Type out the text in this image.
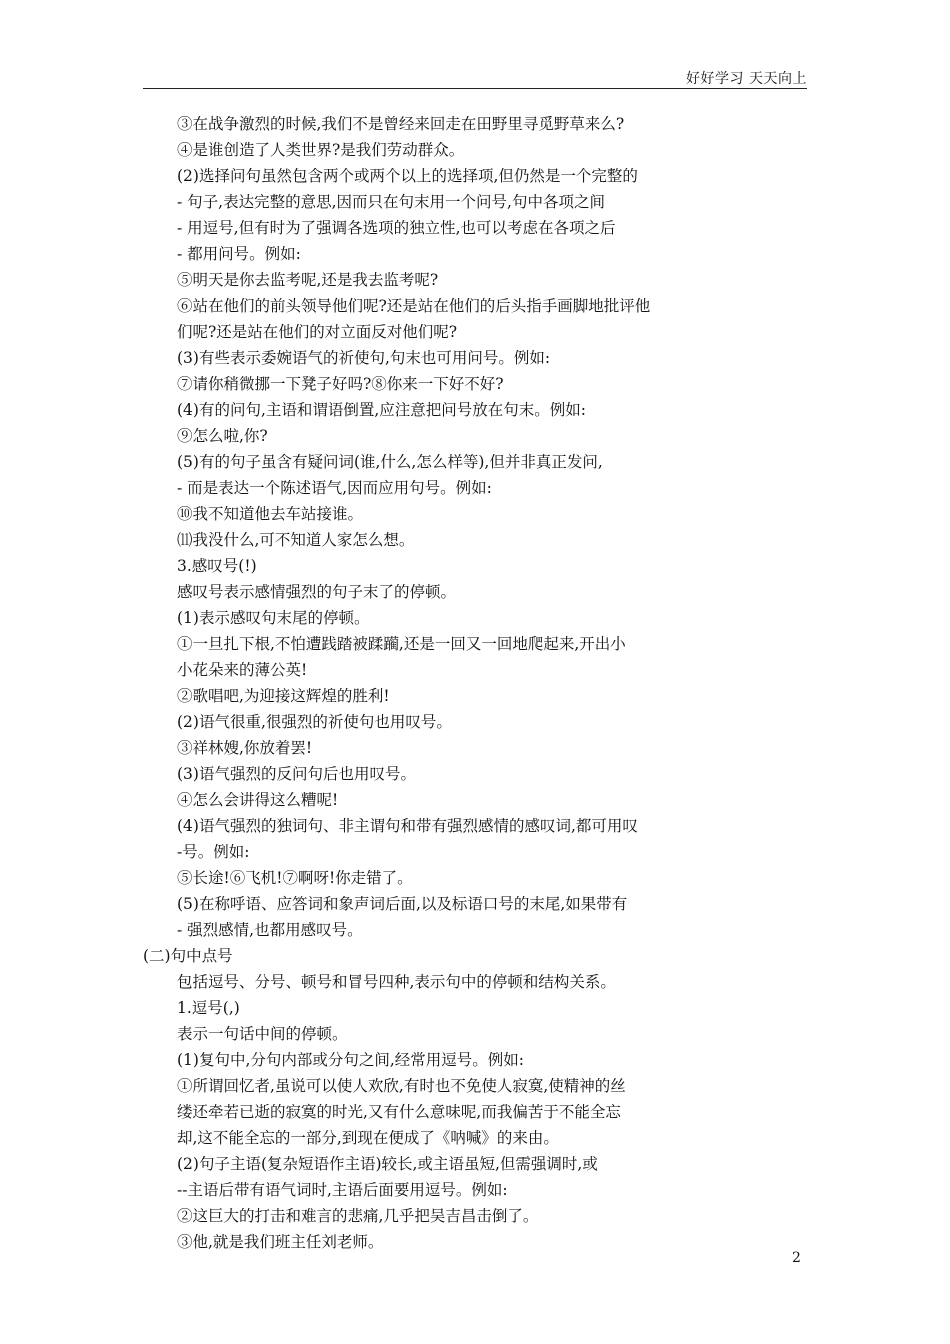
好好学习 天天向上
③在战争激烈的时候,我们不是曾经来回走在田野里寻觅野草来么?
④是谁创造了人类世界?是我们劳动群众。
(2)选择问句虽然包含两个或两个以上的选择项,但仍然是一个完整的
- 句子,表达完整的意思,因而只在句末用一个问号,句中各项之间
- 用逗号,但有时为了强调各选项的独立性,也可以考虑在各项之后
- 都用问号。例如:
⑤明天是你去监考呢,还是我去监考呢?
⑥站在他们的前头领导他们呢?还是站在他们的后头指手画脚地批评他
们呢?还是站在他们的对立面反对他们呢?
(3)有些表示委婉语气的祈使句,句末也可用问号。例如:
⑦请你稍微挪一下凳子好吗?⑧你来一下好不好?
(4)有的问句,主语和谓语倒置,应注意把问号放在句末。例如:
⑨怎么啦,你?
(5)有的句子虽含有疑问词(谁,什么,怎么样等),但并非真正发问,
- 而是表达一个陈述语气,因而应用句号。例如:
⑩我不知道他去车站接谁。
⑾我没什么,可不知道人家怎么想。
3.感叹号(!)
感叹号表示感情强烈的句子末了的停顿。
(1)表示感叹句末尾的停顿。
①一旦扎下根,不怕遭践踏被蹂躏,还是一回又一回地爬起来,开出小
小花朵来的薄公英!
②歌唱吧,为迎接这辉煌的胜利!
(2)语气很重,很强烈的祈使句也用叹号。
③祥林嫂,你放着罢!
(3)语气强烈的反问句后也用叹号。
④怎么会讲得这么糟呢!
(4)语气强烈的独词句、非主谓句和带有强烈感情的感叹词,都可用叹
-号。例如:
⑤长途!⑥飞机!⑦啊呀!你走错了。
(5)在称呼语、应答词和象声词后面,以及标语口号的末尾,如果带有
- 强烈感情,也都用感叹号。
(二)句中点号
包括逗号、分号、顿号和冒号四种,表示句中的停顿和结构关系。
1.逗号(,)
表示一句话中间的停顿。
(1)复句中,分句内部或分句之间,经常用逗号。例如:
①所谓回忆者,虽说可以使人欢欣,有时也不免使人寂寞,使精神的丝
缕还牵若已逝的寂寞的时光,又有什么意味呢,而我偏苦于不能全忘
却,这不能全忘的一部分,到现在便成了《呐喊》的来由。
(2)句子主语(复杂短语作主语)较长,或主语虽短,但需强调时,或
--主语后带有语气词时,主语后面要用逗号。例如:
②这巨大的打击和难言的悲痛,几乎把吴吉昌击倒了。
③他,就是我们班主任刘老师。
2
